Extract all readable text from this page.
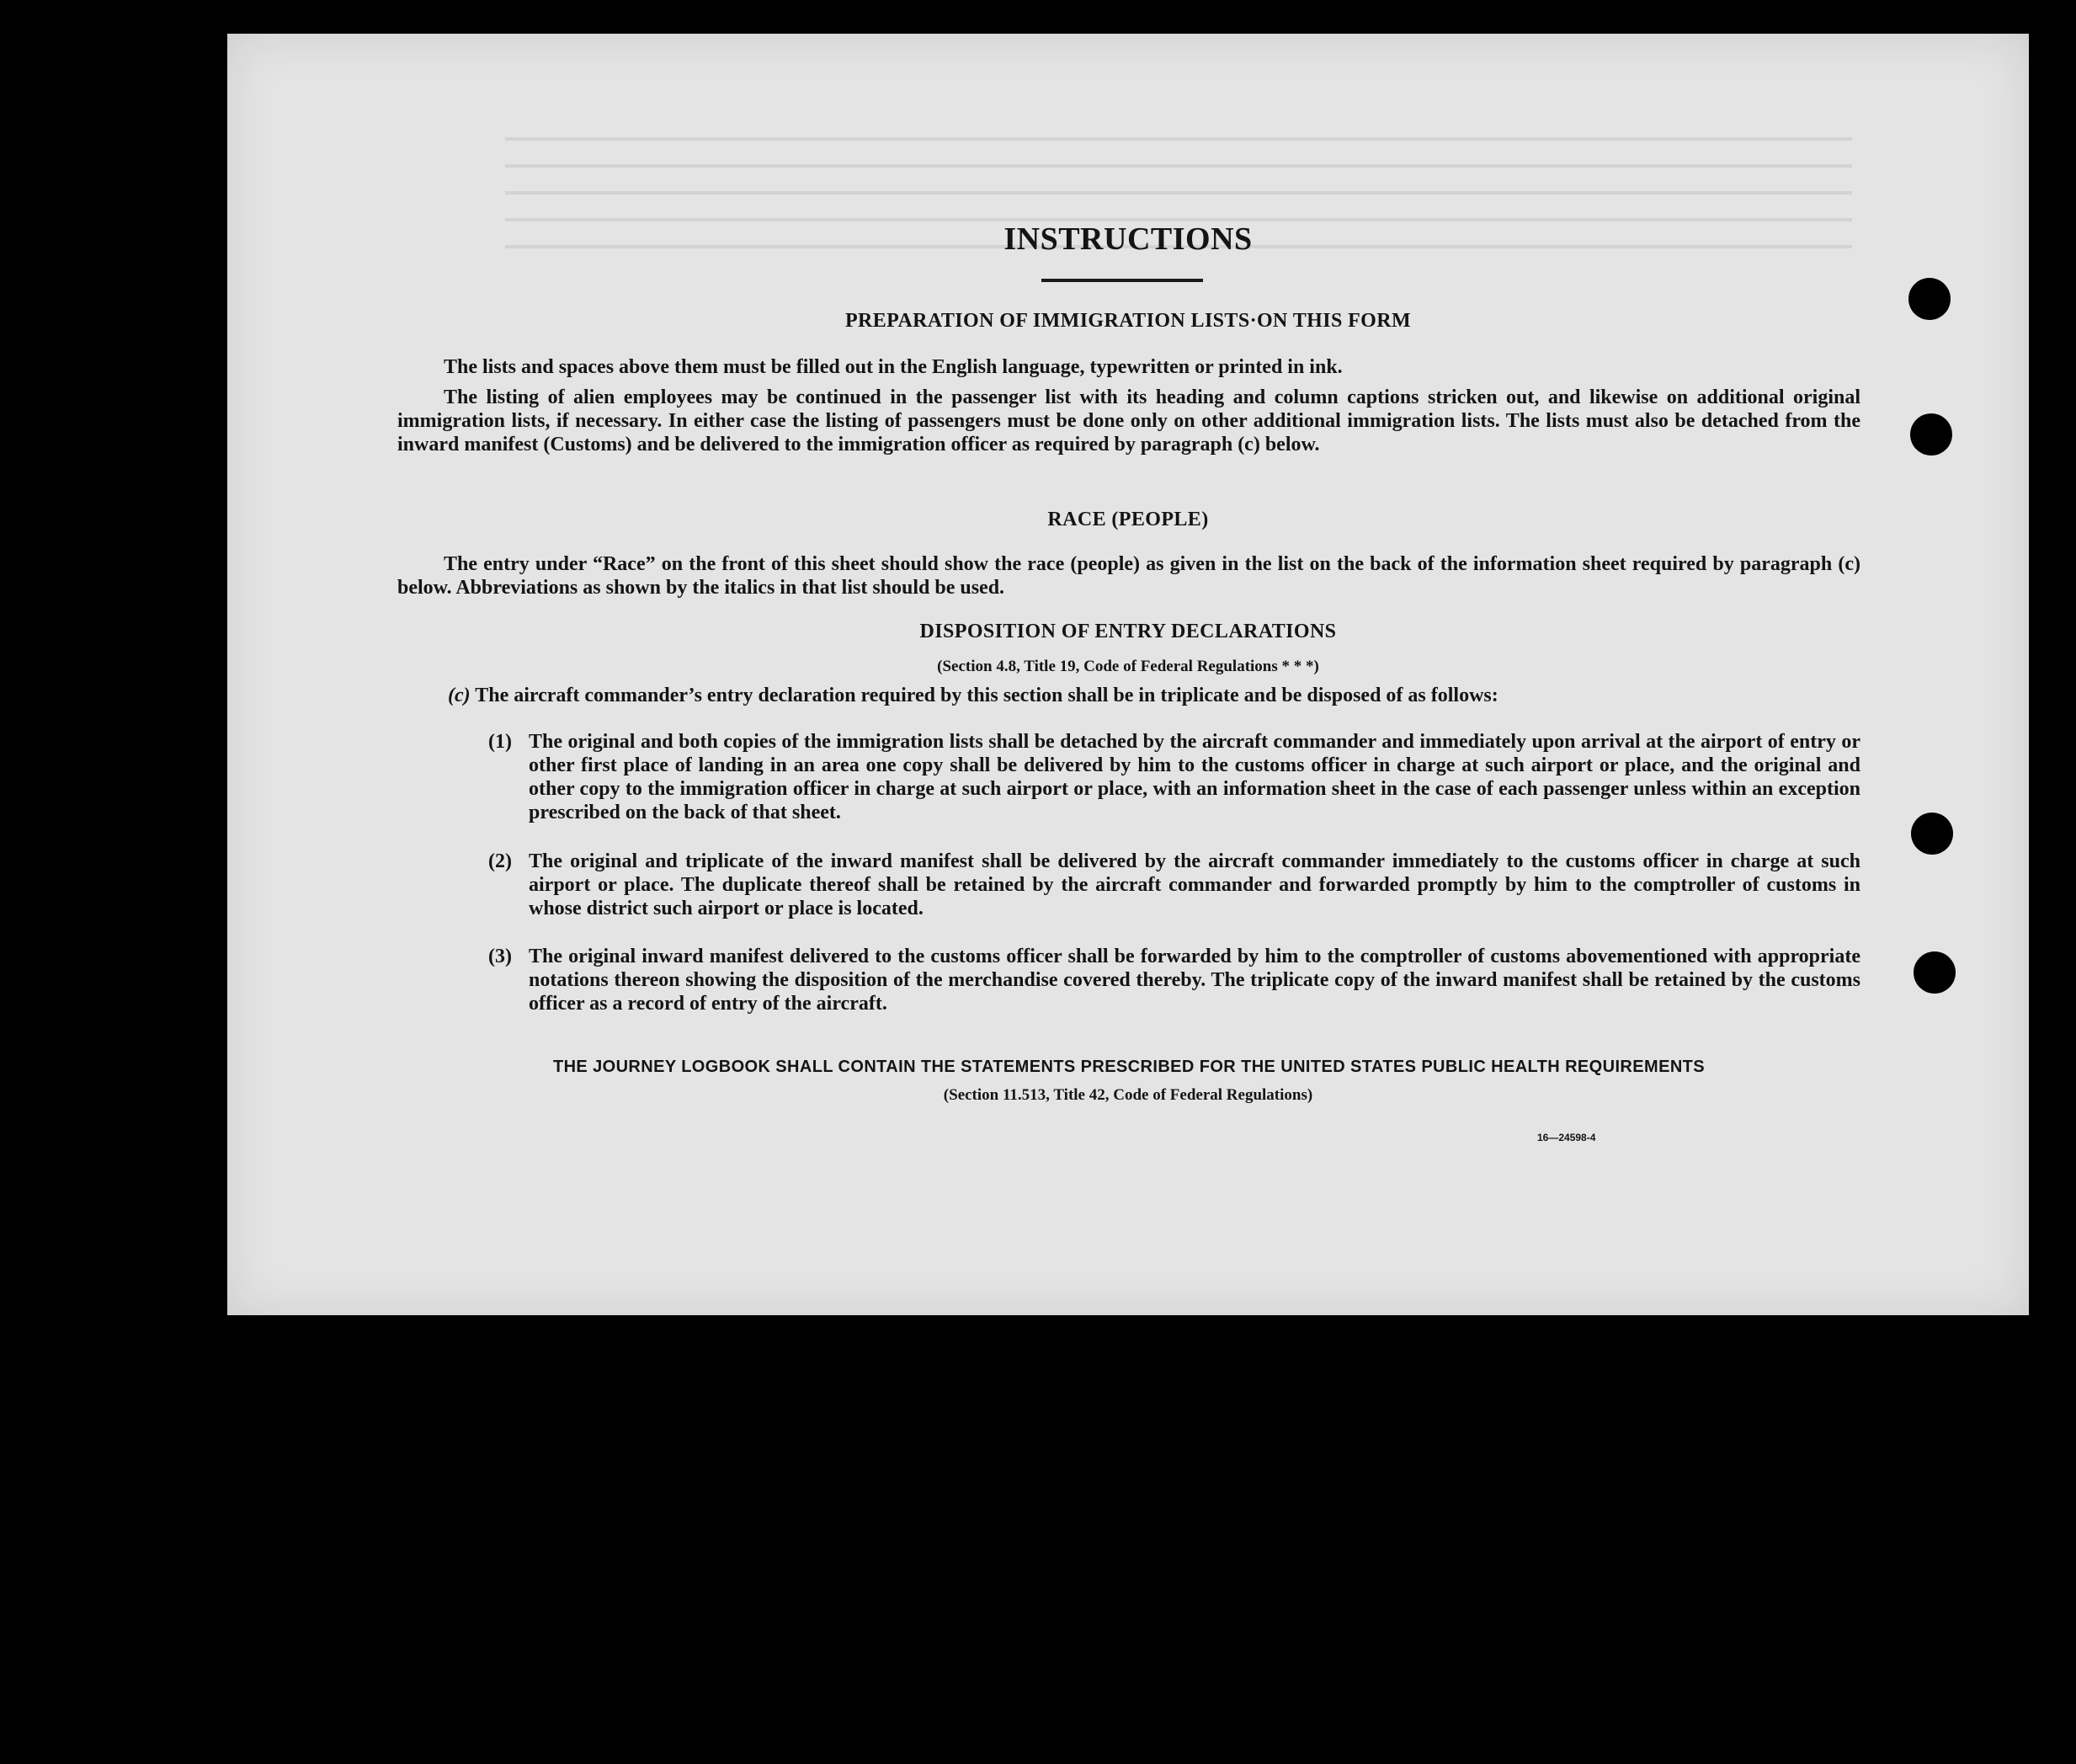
INSTRUCTIONS
PREPARATION OF IMMIGRATION LISTS·ON THIS FORM
The lists and spaces above them must be filled out in the English language, typewritten or printed in ink.
The listing of alien employees may be continued in the passenger list with its heading and column captions stricken out, and likewise on additional original immigration lists, if necessary. In either case the listing of passengers must be done only on other additional immigration lists. The lists must also be detached from the inward manifest (Customs) and be delivered to the immigration officer as required by paragraph (c) below.
RACE (PEOPLE)
The entry under “Race” on the front of this sheet should show the race (people) as given in the list on the back of the information sheet required by paragraph (c) below. Abbreviations as shown by the italics in that list should be used.
DISPOSITION OF ENTRY DECLARATIONS
(Section 4.8, Title 19, Code of Federal Regulations * * *)
(c) The aircraft commander’s entry declaration required by this section shall be in triplicate and be disposed of as follows:
(1) The original and both copies of the immigration lists shall be detached by the aircraft commander and immediately upon arrival at the airport of entry or other first place of landing in an area one copy shall be delivered by him to the customs officer in charge at such airport or place, and the original and other copy to the immigration officer in charge at such airport or place, with an information sheet in the case of each passenger unless within an exception prescribed on the back of that sheet.
(2) The original and triplicate of the inward manifest shall be delivered by the aircraft commander immediately to the customs officer in charge at such airport or place. The duplicate thereof shall be retained by the aircraft commander and forwarded promptly by him to the comptroller of customs in whose district such airport or place is located.
(3) The original inward manifest delivered to the customs officer shall be forwarded by him to the comptroller of customs abovementioned with appropriate notations thereon showing the disposition of the merchandise covered thereby. The triplicate copy of the inward manifest shall be retained by the customs officer as a record of entry of the aircraft.
THE JOURNEY LOGBOOK SHALL CONTAIN THE STATEMENTS PRESCRIBED FOR THE UNITED STATES PUBLIC HEALTH REQUIREMENTS
(Section 11.513, Title 42, Code of Federal Regulations)
16—24598‑4
